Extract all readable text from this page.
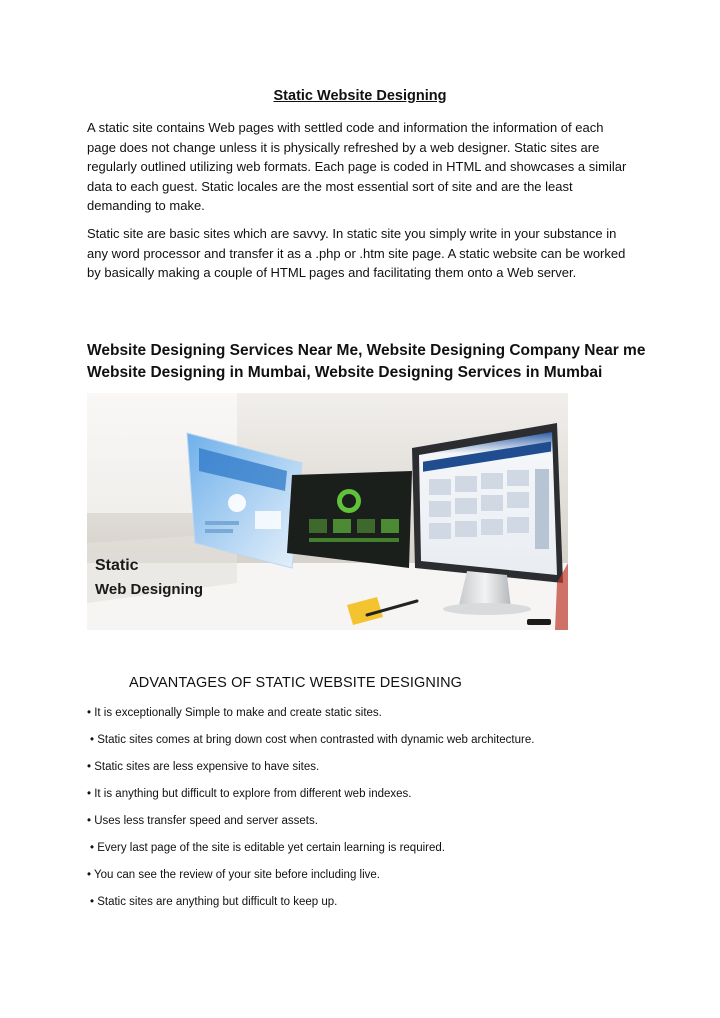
Static Website Designing

A static site contains Web pages with settled code and information the information of each page does not change unless it is physically refreshed by a web designer. Static sites are regularly outlined utilizing web formats. Each page is coded in HTML and showcases a similar data to each guest. Static locales are the most essential sort of site and are the least demanding to make.

Static site are basic sites which are savvy. In static site you simply write in your substance in any word processor and transfer it as a .php or .htm site page. A static website can be worked by basically making a couple of HTML pages and facilitating them onto a Web server.

Website Designing Services Near Me, Website Designing Company Near me
Website Designing in Mumbai, Website Designing Services in Mumbai
Static
Web Designing
ADVANTAGES OF STATIC WEBSITE DESIGNING
• It is exceptionally Simple to make and create static sites.
• Static sites comes at bring down cost when contrasted with dynamic web architecture.
• Static sites are less expensive to have sites.
• It is anything but difficult to explore from different web indexes.
• Uses less transfer speed and server assets.
• Every last page of the site is editable yet certain learning is required.
• You can see the review of your site before including live.
• Static sites are anything but difficult to keep up.
